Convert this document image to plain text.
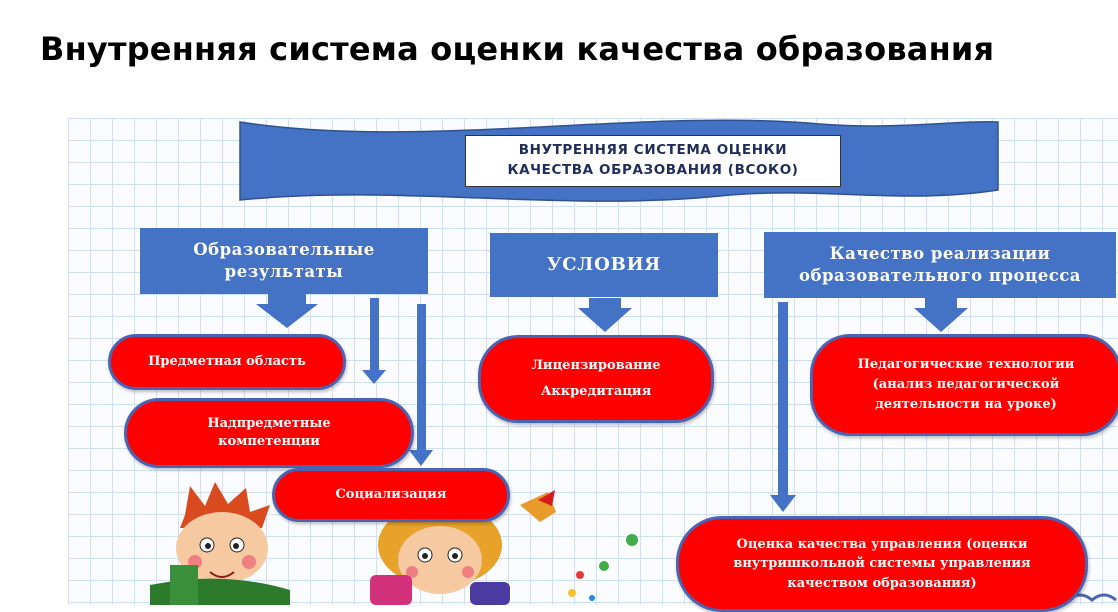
Внутренняя система оценки качества образования
ВНУТРЕННЯЯ СИСТЕМА ОЦЕНКИ
КАЧЕСТВА ОБРАЗОВАНИЯ (ВСОКО)
Образовательные
результаты	УСЛОВИЯ
Качество реализации
образовательного процесса
Предметная область
Надпредметные
компетенции
Социализация
Лицензирование
Аккредитация
Педагогические технологии
(анализ педагогической
деятельности на уроке)
Оценка качества управления (оценки
внутришкольной системы управления
качеством образования)
